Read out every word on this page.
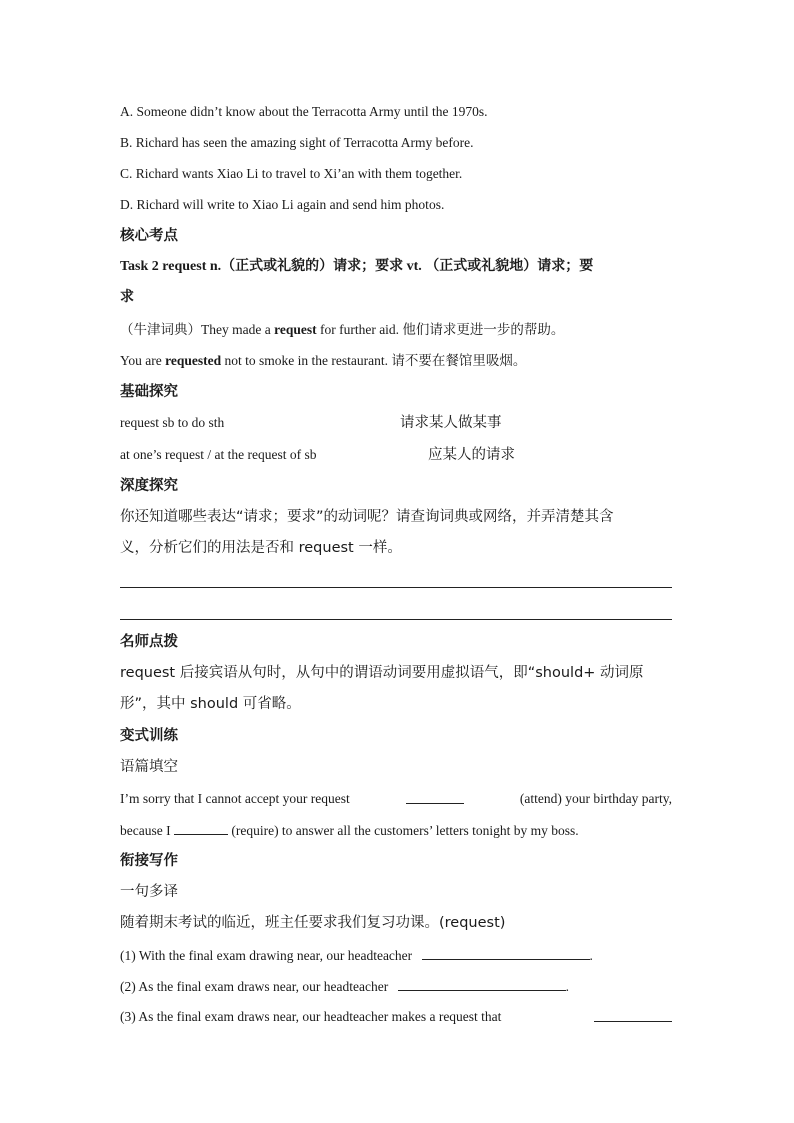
A. Someone didn’t know about the Terracotta Army until the 1970s.
B. Richard has seen the amazing sight of Terracotta Army before.
C. Richard wants Xiao Li to travel to Xi’an with them together.
D. Richard will write to Xiao Li again and send him photos.
核心考点
Task 2 request n.（正式或礼貌的）请求；要求 vt. （正式或礼貌地）请求；要
求
（牛津词典）They made a request for further aid. 他们请求更进一步的帮助。
You are requested not to smoke in the restaurant. 请不要在餐馆里吸烟。
基础探究
request sb to do sth	请求某人做某事
at one’s request / at the request of sb	应某人的请求
深度探究
你还知道哪些表达“请求；要求”的动词呢？请查询词典或网络，并弄清楚其含
义，分析它们的用法是否和 request 一样。
名师点拨
request 后接宾语从句时，从句中的谓语动词要用虚拟语气，即“should+ 动词原
形”，其中 should 可省略。
变式训练
语篇填空
I’m sorry that I cannot accept your request	(attend) your birthday party,
because I	(require) to answer all the customers’ letters tonight by my boss.
衔接写作
一句多译
随着期末考试的临近，班主任要求我们复习功课。(request)
(1) With the final exam drawing near, our headteacher	.
(2) As the final exam draws near, our headteacher	.
(3) As the final exam draws near, our headteacher makes a request that
